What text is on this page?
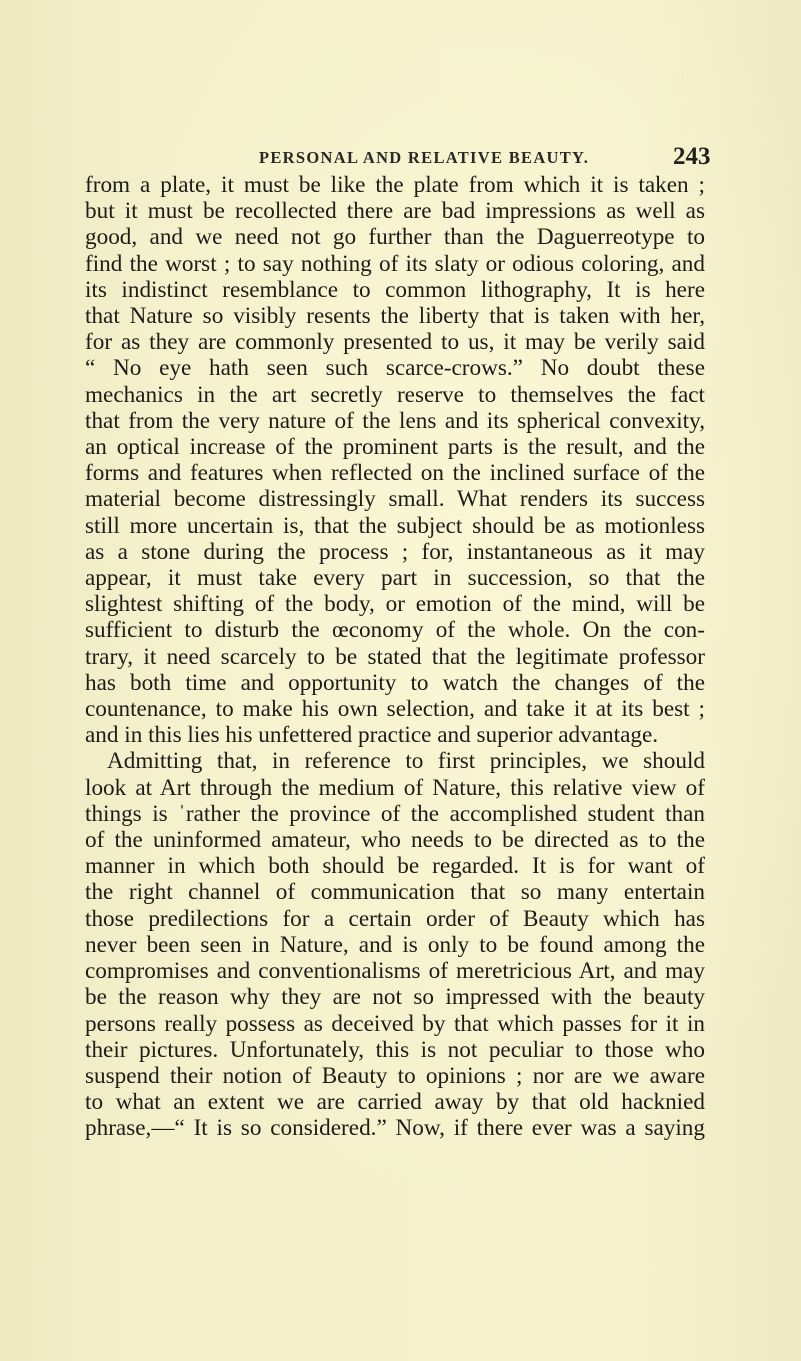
·
PERSONAL AND RELATIVE BEAUTY.	243
from a plate, it must be like the plate from which it is taken ;
but it must be recollected there are bad impressions as well as
good, and we need not go further than the Daguerreotype to
find the worst ; to say nothing of its slaty or odious coloring, and
its indistinct resemblance to common lithography, It is here
that Nature so visibly resents the liberty that is taken with her,
for as they are commonly presented to us, it may be verily said
“ No eye hath seen such scarce-crows.” No doubt these
mechanics in the art secretly reserve to themselves the fact
that from the very nature of the lens and its spherical convexity,
an optical increase of the prominent parts is the result, and the
forms and features when reflected on the inclined surface of the
material become distressingly small. What renders its success
still more uncertain is, that the subject should be as motionless
as a stone during the process ; for, instantaneous as it may
appear, it must take every part in succession, so that the
slightest shifting of the body, or emotion of the mind, will be
sufficient to disturb the œconomy of the whole. On the con-
trary, it need scarcely to be stated that the legitimate professor
has both time and opportunity to watch the changes of the
countenance, to make his own selection, and take it at its best ;
and in this lies his unfettered practice and superior advantage.
Admitting that, in reference to first principles, we should
look at Art through the medium of Nature, this relative view of
things is ˈrather the province of the accomplished student than
of the uninformed amateur, who needs to be directed as to the
manner in which both should be regarded. It is for want of
the right channel of communication that so many entertain
those predilections for a certain order of Beauty which has
never been seen in Nature, and is only to be found among the
compromises and conventionalisms of meretricious Art, and may
be the reason why they are not so impressed with the beauty
persons really possess as deceived by that which passes for it in
their pictures. Unfortunately, this is not peculiar to those who
suspend their notion of Beauty to opinions ; nor are we aware
to what an extent we are carried away by that old hacknied
phrase,—“ It is so considered.” Now, if there ever was a saying
